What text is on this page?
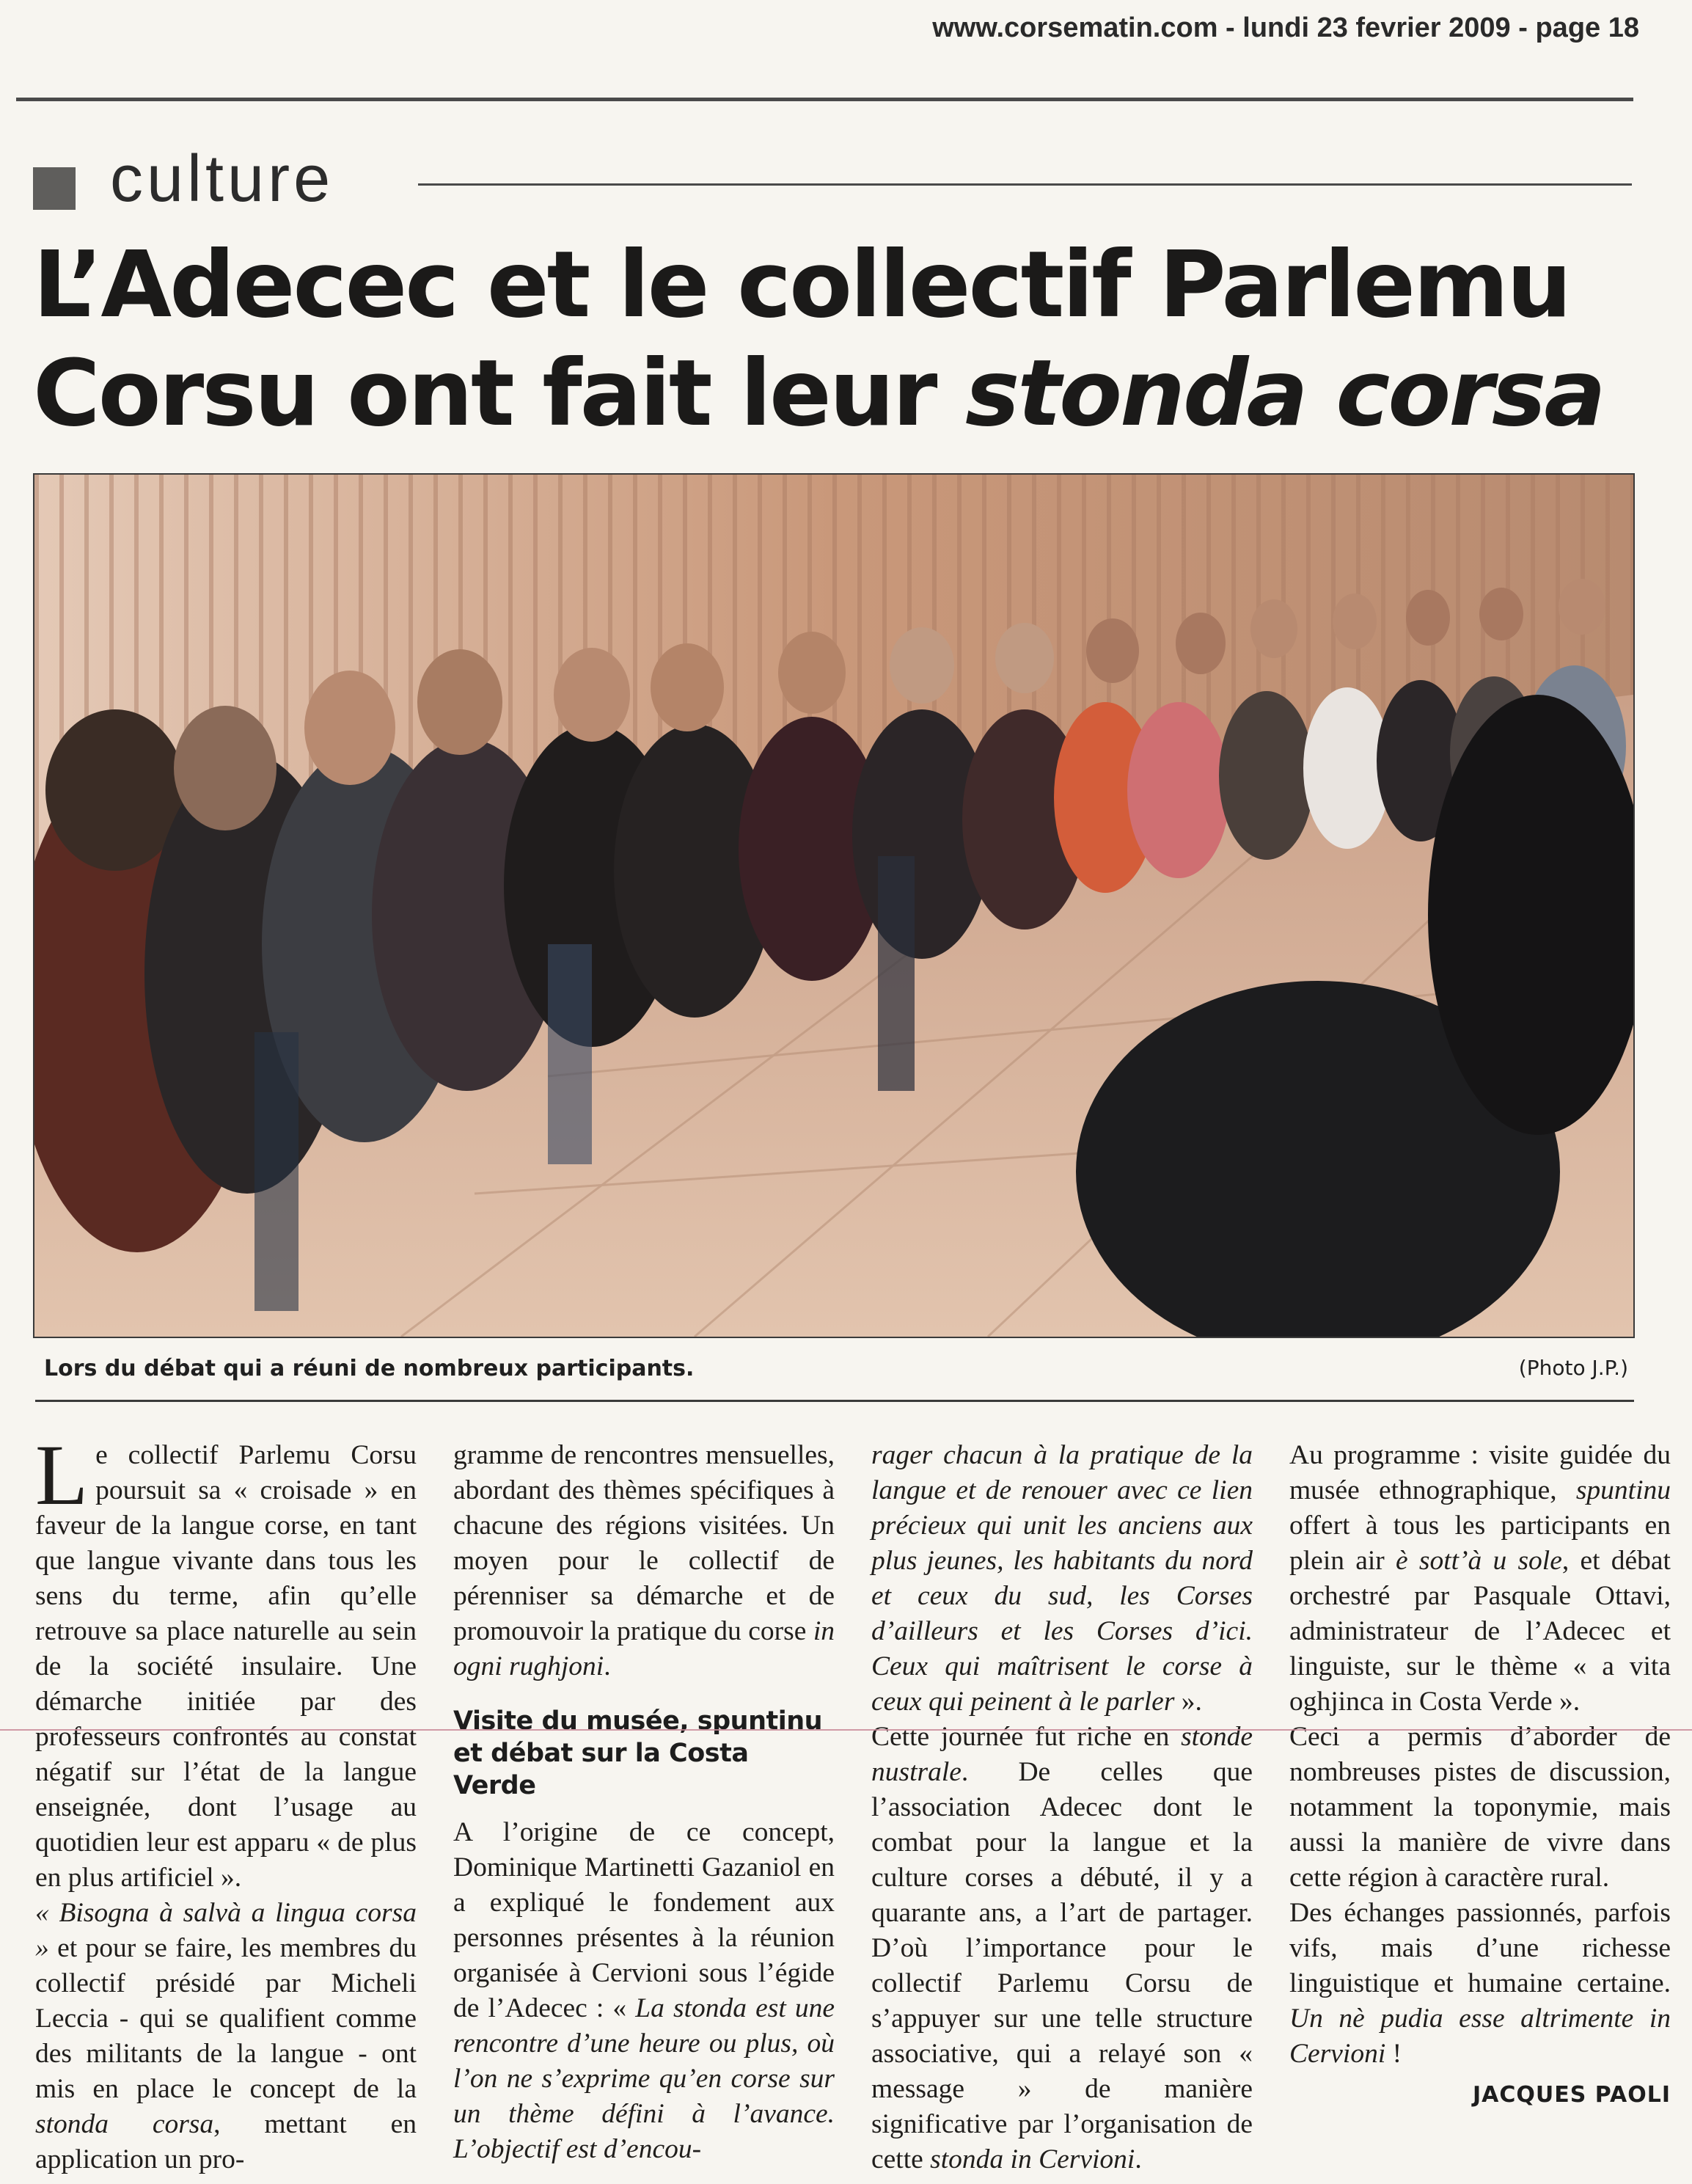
www.corsematin.com - lundi 23 fevrier 2009 - page 18
culture
L’Adecec et le collectif Parlemu
Corsu ont fait leur stonda corsa
Lors du débat qui a réuni de nombreux participants.	(Photo J.P.)

Le collectif Parlemu Corsu poursuit sa « croisade » en faveur de la langue corse, en tant que langue vivante dans tous les sens du terme, afin qu’elle retrouve sa place naturelle au sein de la société insulaire. Une démarche initiée par des professeurs confrontés au constat négatif sur l’état de la langue enseignée, dont l’usage au quotidien leur est apparu « de plus en plus artificiel ».

« Bisogna à salvà a lingua corsa » et pour se faire, les membres du collectif présidé par Micheli Leccia - qui se qualifient comme des militants de la langue - ont mis en place le concept de la stonda corsa, mettant en application un pro-

gramme de rencontres mensuelles, abordant des thèmes spécifiques à chacune des régions visitées. Un moyen pour le collectif de pérenniser sa démarche et de promouvoir la pratique du corse in ogni rughjoni.

Visite du musée, spuntinu et débat sur la Costa Verde

A l’origine de ce concept, Dominique Martinetti Gazaniol en a expliqué le fondement aux personnes présentes à la réunion organisée à Cervioni sous l’égide de l’Adecec : « La stonda est une rencontre d’une heure ou plus, où l’on ne s’exprime qu’en corse sur un thème défini à l’avance. L’objectif est d’encou-

rager chacun à la pratique de la langue et de renouer avec ce lien précieux qui unit les anciens aux plus jeunes, les habitants du nord et ceux du sud, les Corses d’ailleurs et les Corses d’ici. Ceux qui maîtrisent le corse à ceux qui peinent à le parler ».

Cette journée fut riche en stonde nustrale. De celles que l’association Adecec dont le combat pour la langue et la culture corses a débuté, il y a quarante ans, a l’art de partager. D’où l’importance pour le collectif Parlemu Corsu de s’appuyer sur une telle structure associative, qui a relayé son « message » de manière significative par l’organisation de cette stonda in Cervioni.

Au programme : visite guidée du musée ethnographique, spuntinu offert à tous les participants en plein air è sott’à u sole, et débat orchestré par Pasquale Ottavi, administrateur de l’Adecec et linguiste, sur le thème « a vita oghjinca in Costa Verde ».

Ceci a permis d’aborder de nombreuses pistes de discussion, notamment la toponymie, mais aussi la manière de vivre dans cette région à caractère rural.

Des échanges passionnés, parfois vifs, mais d’une richesse linguistique et humaine certaine. Un nè pudia esse altrimente in Cervioni !

JACQUES PAOLI
